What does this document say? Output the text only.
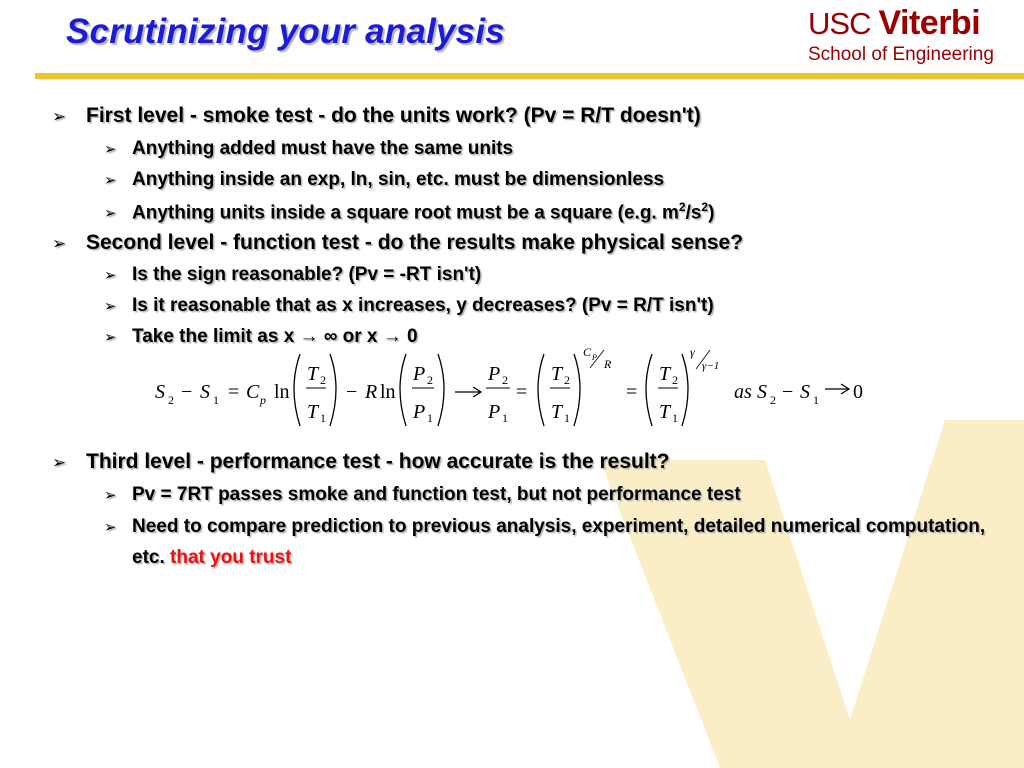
Scrutinizing your analysis	USC Viterbi
School of Engineering
➢ First level - smoke test - do the units work? (Pv = R/T doesn't)
➢ Anything added must have the same units
➢ Anything inside an exp, ln, sin, etc. must be dimensionless
➢ Anything units inside a square root must be a square (e.g. $m^2/s^2$)
➢ Second level - function test - do the results make physical sense?
➢ Is the sign reasonable? (Pv = -RT isn't)
➢ Is it reasonable that as x increases, y decreases? (Pv = R/T isn't)
➢ Take the limit as x → ∞ or x → 0
S 2 − S 1 = C p ln
T 2
T 1
− R ln
P 2
P 1
P 2
P 1
=
T 2
T 1
C P R
=
T 2
T 1
γ
γ−1
as S 2 − S 1 0
➢ Third level - performance test - how accurate is the result?
➢ Pv = 7RT passes smoke and function test, but not performance test
➢ Need to compare prediction to previous analysis, experiment, detailed numerical computation, etc. that you trust
